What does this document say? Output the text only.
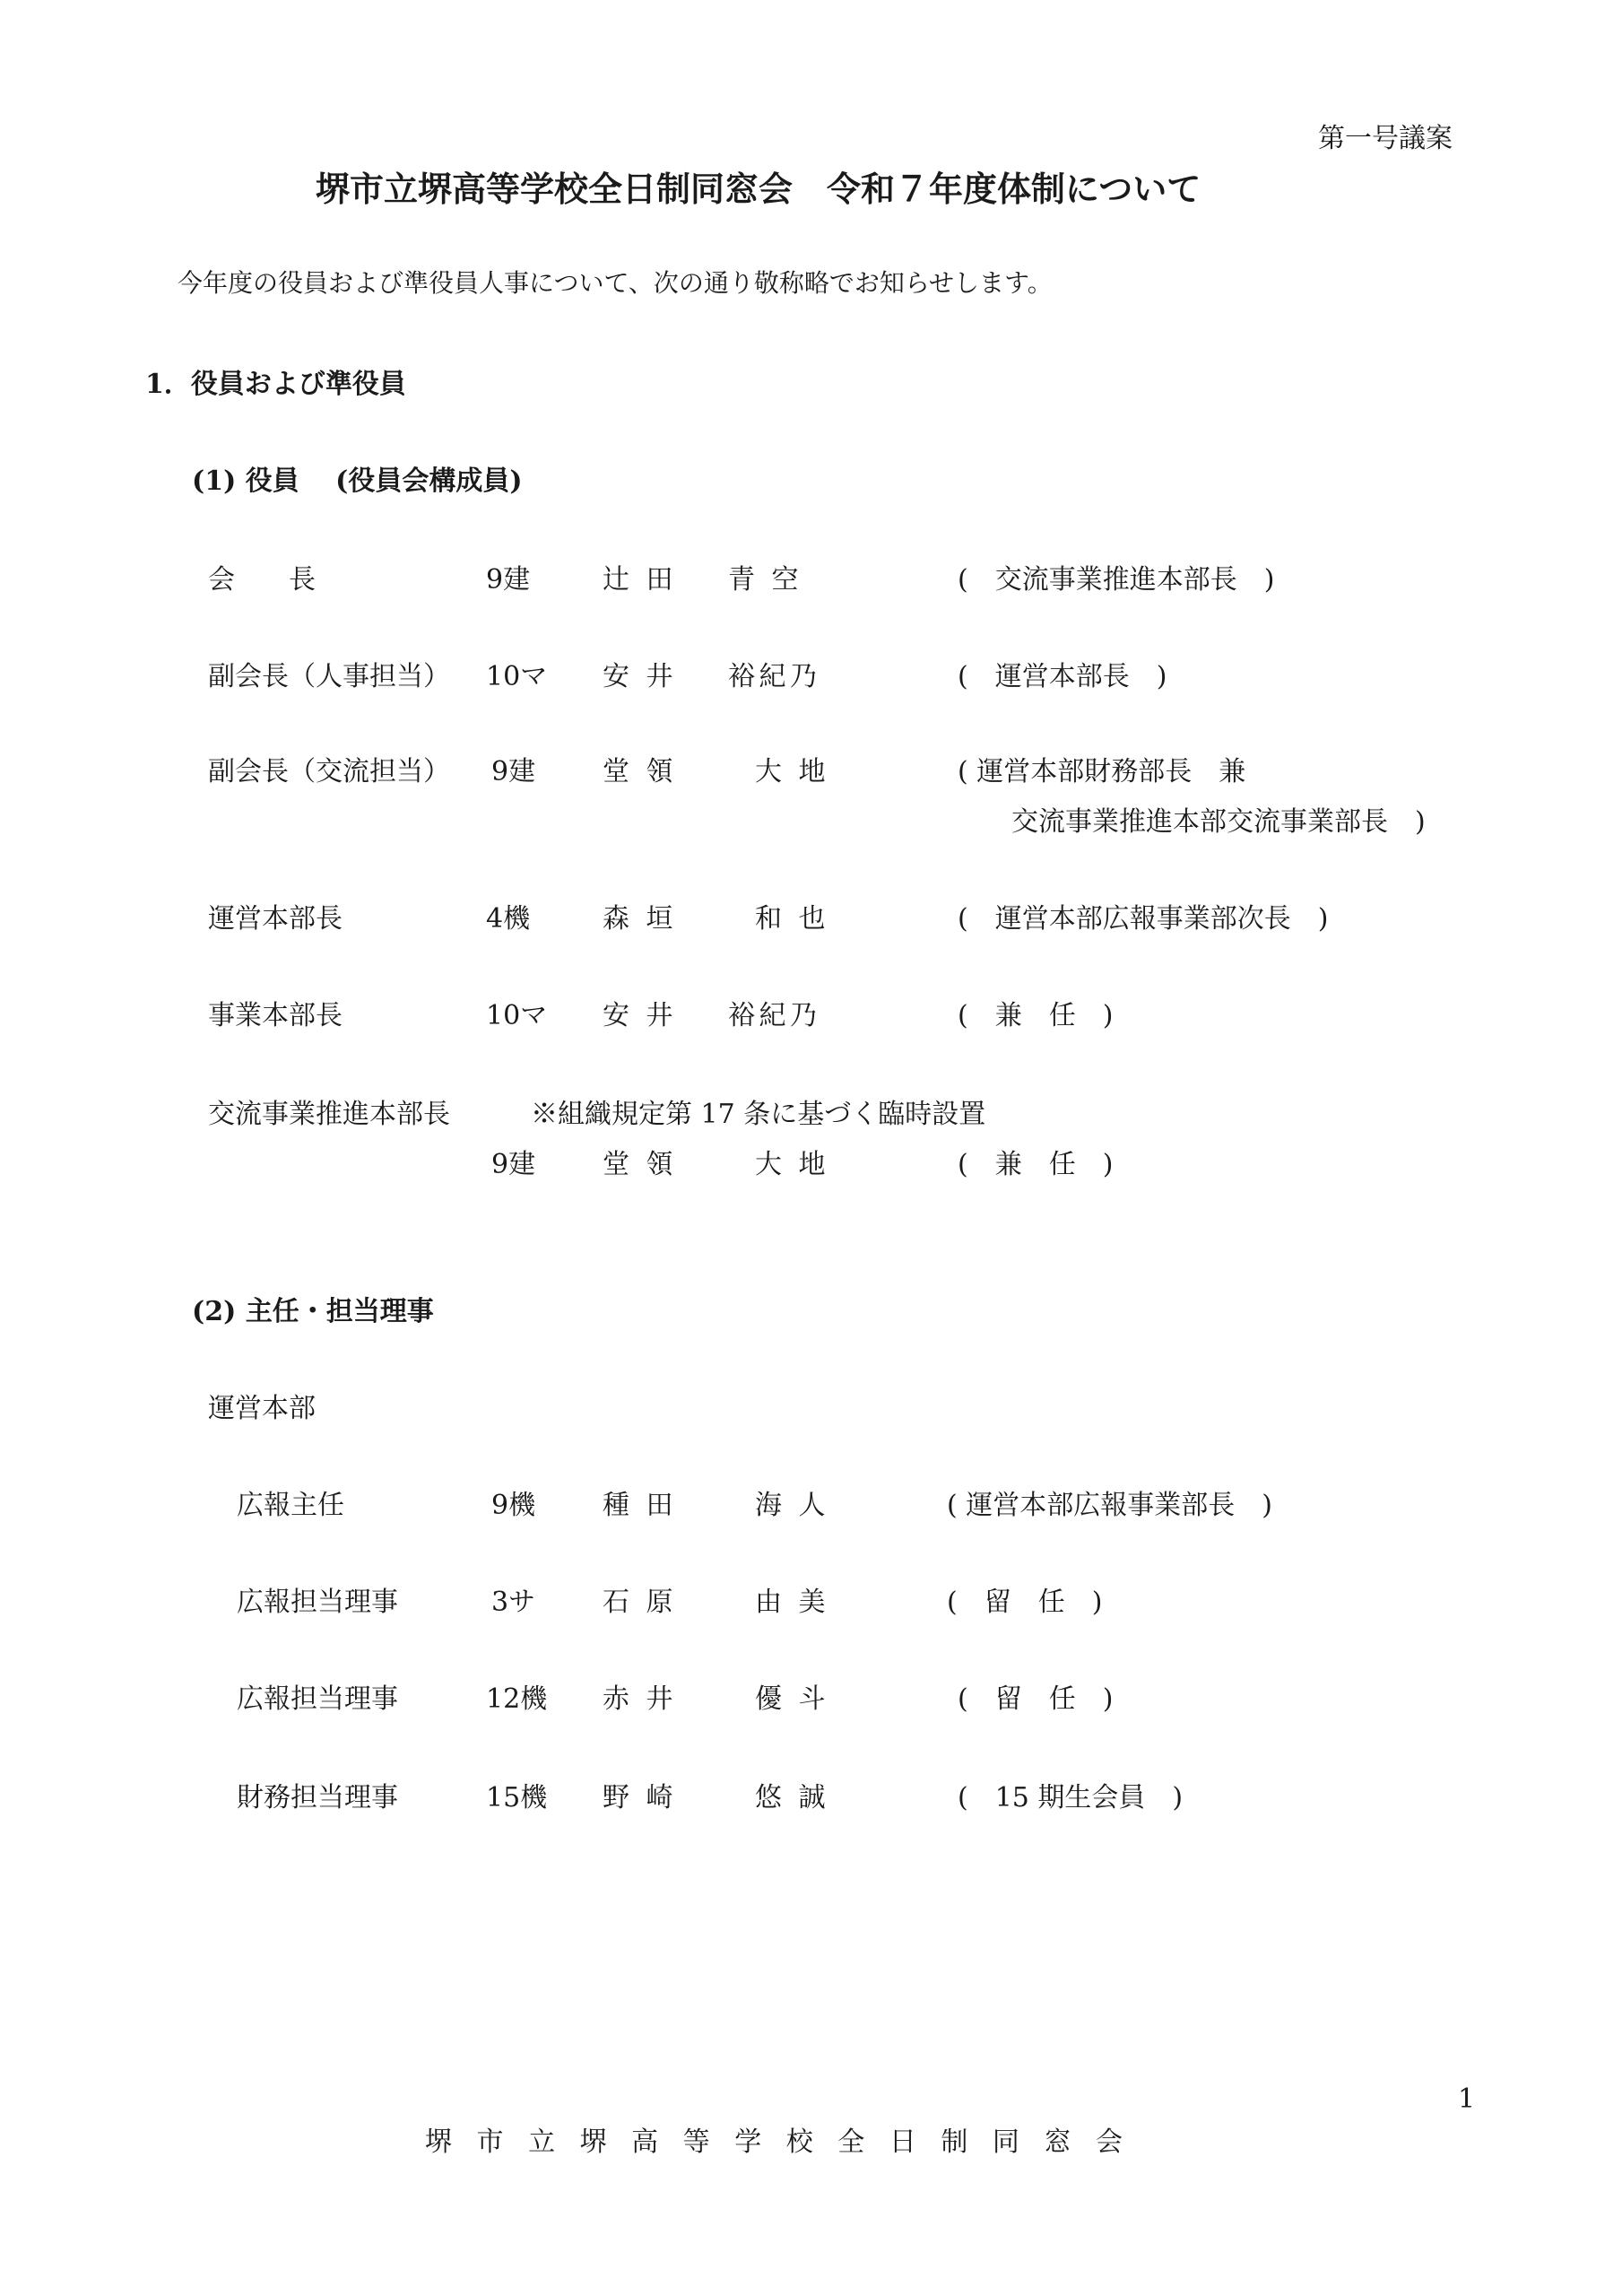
第一号議案
堺市立堺高等学校全日制同窓会　令和７年度体制について
今年度の役員および準役員人事について、次の通り敬称略でお知らせします。
1．役員および準役員
(1) 役員　 (役員会構成員)
会　　長	9建	辻 田 青 空	(　交流事業推進本部長　)
副会長（人事担当） 10マ 安 井 裕紀乃	(　運営本部長　)
副会長（交流担当） 9建 堂 領	大 地	( 運営本部財務部長　兼
交流事業推進本部交流事業部長　)
運営本部長	4機	森 垣	和 也	(　運営本部広報事業部次長　)
事業本部長	10マ 安 井 裕紀乃	(　兼　任　)
交流事業推進本部長	※組織規定第 17 条に基づく臨時設置
9建 堂 領	大 地	(　兼　任　)
(2) 主任・担当理事
運営本部
広報主任	9機 種 田	海 人	( 運営本部広報事業部長　)
広報担当理事	3サ 石 原	由 美	(　留　任　)
広報担当理事	12機 赤 井	優 斗	(　留　任　)
財務担当理事	15機 野 崎	悠 誠	(　15 期生会員　)
1
堺 市 立 堺 高 等 学 校 全 日 制 同 窓 会
